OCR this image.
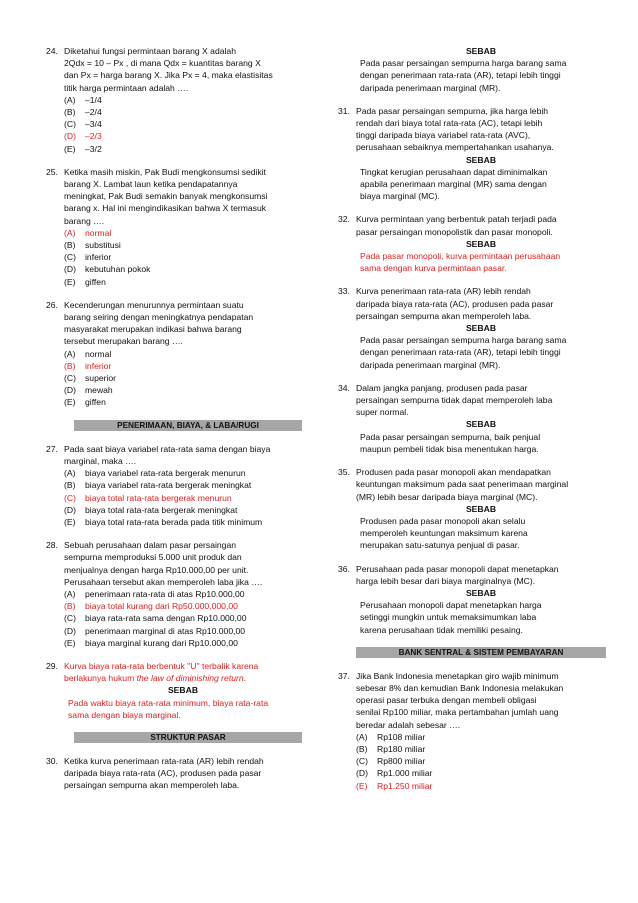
24. Diketahui fungsi permintaan barang X adalah

2Qdx = 10 – Px , di mana Qdx = kuantitas barang X

dan Px = harga barang X. Jika Px = 4, maka elastisitas

titik harga permintaan adalah ….

(A) –1/4
(B) –2/4
(C) –3/4
(D) –2/3
(E) –3/2
25. Ketika masih miskin, Pak Budi mengkonsumsi sedikit

barang X. Lambat laun ketika pendapatannya

meningkat, Pak Budi semakin banyak mengkonsumsi

barang x. Hal ini mengindikasikan bahwa X termasuk

barang ….

(A) normal
(B) substitusi
(C) inferior
(D) kebutuhan pokok
(E) giffen
26. Kecenderungan menurunnya permintaan suatu

barang seiring dengan meningkatnya pendapatan

masyarakat merupakan indikasi bahwa barang

tersebut merupakan barang ….

(A) normal
(B) inferior
(C) superior
(D) mewah
(E) giffen
PENERIMAAN, BIAYA, & LABA/RUGI
27. Pada saat biaya variabel rata-rata sama dengan biaya

marginal, maka ….

(A) biaya variabel rata-rata bergerak menurun
(B) biaya variabel rata-rata bergerak meningkat
(C) biaya total rata-rata bergerak menurun
(D) biaya total rata-rata bergerak meningkat
(E) biaya total rata-rata berada pada titik minimum
28. Sebuah perusahaan dalam pasar persaingan

sempurna memproduksi 5.000 unit produk dan

menjualnya dengan harga Rp10.000,00 per unit.

Perusahaan tersebut akan memperoleh laba jika ….

(A) penerimaan rata-rata di atas Rp10.000,00
(B) biaya total kurang dari Rp50.000.000,00
(C) biaya rata-rata sama dengan Rp10.000,00
(D) penerimaan marginal di atas Rp10.000,00
(E) biaya marginal kurang dari Rp10.000,00
29. Kurva biaya rata-rata berbentuk "U" terbalik karena

berlakunya hukum the law of diminishing return.

SEBAB

Pada waktu biaya rata-rata minimum, biaya rata-rata

sama dengan biaya marginal.

STRUKTUR PASAR
30. Ketika kurva penerimaan rata-rata (AR) lebih rendah

daripada biaya rata-rata (AC), produsen pada pasar

persaingan sempurna akan memperoleh laba.

SEBAB

Pada pasar persaingan sempurna harga barang sama

dengan penerimaan rata-rata (AR), tetapi lebih tinggi

daripada penerimaan marginal (MR).

31. Pada pasar persaingan sempurna, jika harga lebih

rendah dari biaya total rata-rata (AC), tetapi lebih

tinggi daripada biaya variabel rata-rata (AVC),

perusahaan sebaiknya mempertahankan usahanya.

SEBAB

Tingkat kerugian perusahaan dapat diminimalkan

apabila penerimaan marginal (MR) sama dengan

biaya marginal (MC).

32. Kurva permintaan yang berbentuk patah terjadi pada

pasar persaingan monopolistik dan pasar monopoli.

SEBAB

Pada pasar monopoli, kurva permintaan perusahaan

sama dengan kurva permintaan pasar.

33. Kurva penerimaan rata-rata (AR) lebih rendah

daripada biaya rata-rata (AC), produsen pada pasar

persaingan sempurna akan memperoleh laba.

SEBAB

Pada pasar persaingan sempurna harga barang sama

dengan penerimaan rata-rata (AR), tetapi lebih tinggi

daripada penerimaan marginal (MR).

34. Dalam jangka panjang, produsen pada pasar

persaingan sempurna tidak dapat memperoleh laba

super normal.

SEBAB

Pada pasar persaingan sempurna, baik penjual

maupun pembeli tidak bisa menentukan harga.

35. Produsen pada pasar monopoli akan mendapatkan

keuntungan maksimum pada saat penerimaan marginal

(MR) lebih besar daripada biaya marginal (MC).

SEBAB

Produsen pada pasar monopoli akan selalu

memperoleh keuntungan maksimum karena

merupakan satu-satunya penjual di pasar.

36. Perusahaan pada pasar monopoli dapat menetapkan

harga lebih besar dari biaya marginalnya (MC).

SEBAB

Perusahaan monopoli dapat menetapkan harga

setinggi mungkin untuk memaksimumkan laba

karena perusahaan tidak memiliki pesaing.

BANK SENTRAL & SISTEM PEMBAYARAN
37. Jika Bank Indonesia menetapkan giro wajib minimum

sebesar 8% dan kemudian Bank Indonesia melakukan

operasi pasar terbuka dengan membeli obligasi

senilai Rp100 miliar, maka pertambahan jumlah uang

beredar adalah sebesar ….

(A) Rp108 miliar
(B) Rp180 miliar
(C) Rp800 miliar
(D) Rp1.000 miliar
(E) Rp1.250 miliar
